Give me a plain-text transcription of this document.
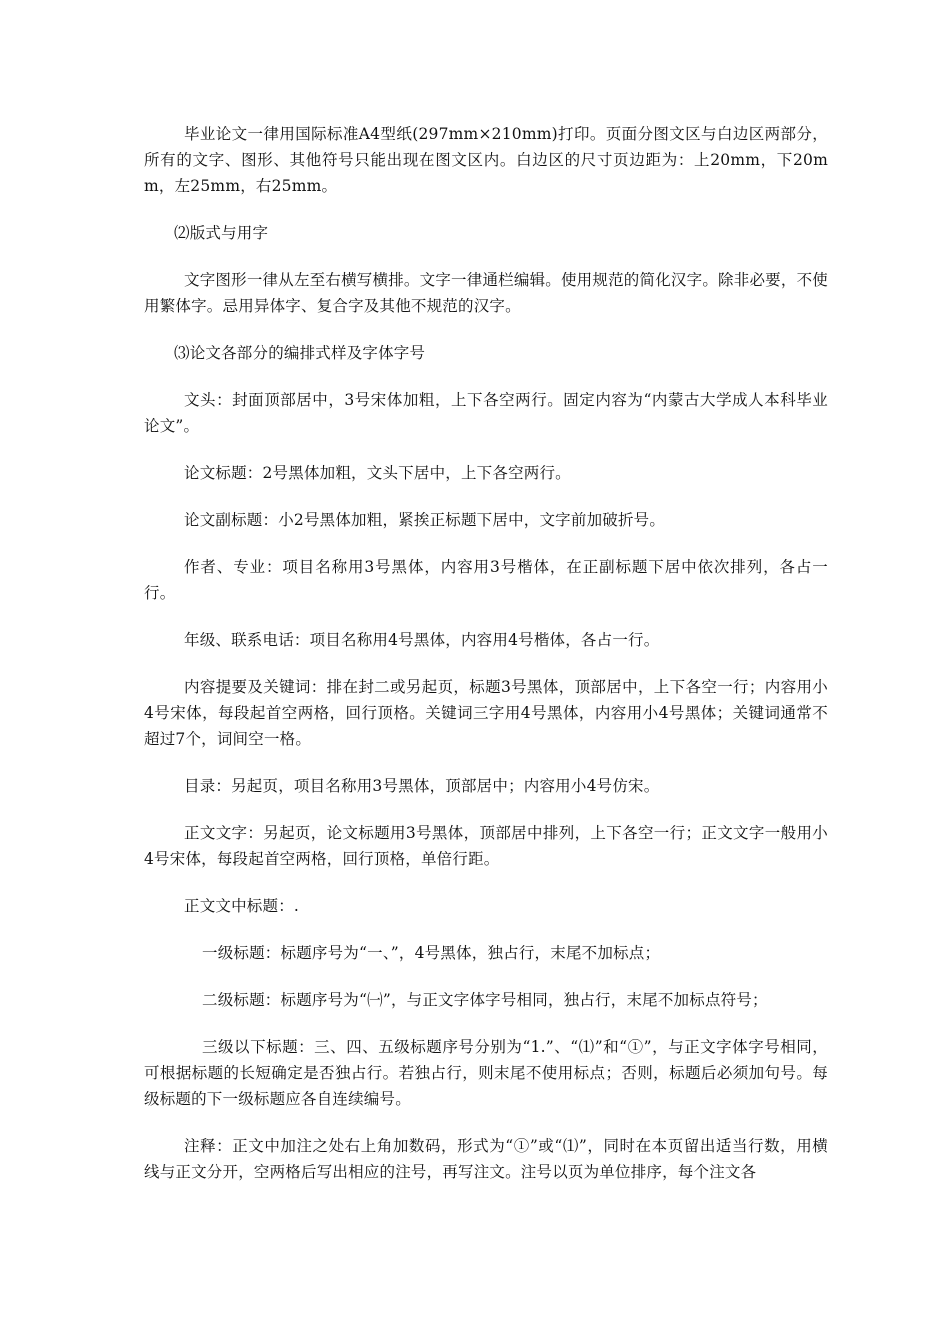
毕业论文一律用国际标准A4型纸(297mm×210mm)打印。页面分图文区与白边区两部分，所有的文字、图形、其他符号只能出现在图文区内。白边区的尺寸页边距为：上20mm，下20mm，左25mm，右25mm。

⑵版式与用字

文字图形一律从左至右横写横排。文字一律通栏编辑。使用规范的简化汉字。除非必要，不使用繁体字。忌用异体字、复合字及其他不规范的汉字。

⑶论文各部分的编排式样及字体字号

文头：封面顶部居中，3号宋体加粗，上下各空两行。固定内容为“内蒙古大学成人本科毕业论文”。

论文标题：2号黑体加粗，文头下居中，上下各空两行。

论文副标题：小2号黑体加粗，紧挨正标题下居中，文字前加破折号。

作者、专业：项目名称用3号黑体，内容用3号楷体，在正副标题下居中依次排列，各占一行。

年级、联系电话：项目名称用4号黑体，内容用4号楷体，各占一行。

内容提要及关键词：排在封二或另起页，标题3号黑体，顶部居中，上下各空一行；内容用小4号宋体，每段起首空两格，回行顶格。关键词三字用4号黑体，内容用小4号黑体；关键词通常不超过7个，词间空一格。

目录：另起页，项目名称用3号黑体，顶部居中；内容用小4号仿宋。

正文文字：另起页，论文标题用3号黑体，顶部居中排列，上下各空一行；正文文字一般用小4号宋体，每段起首空两格，回行顶格，单倍行距。

正文文中标题：.

一级标题：标题序号为“一、”，4号黑体，独占行，末尾不加标点；

二级标题：标题序号为“㈠”，与正文字体字号相同，独占行，末尾不加标点符号；

三级以下标题：三、四、五级标题序号分别为“1.”、“⑴”和“①”，与正文字体字号相同，可根据标题的长短确定是否独占行。若独占行，则末尾不使用标点；否则，标题后必须加句号。每级标题的下一级标题应各自连续编号。

注释：正文中加注之处右上角加数码，形式为“①”或“⑴”，同时在本页留出适当行数，用横线与正文分开，空两格后写出相应的注号，再写注文。注号以页为单位排序，每个注文各
